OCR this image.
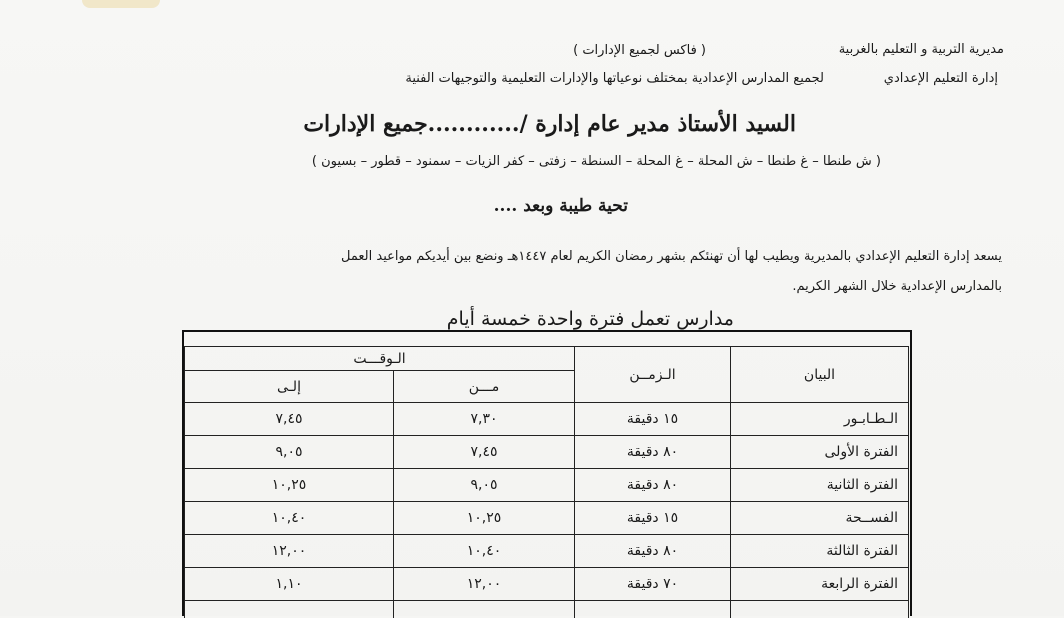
مديرية التربية و التعليم بالغربية
( فاكس لجميع الإدارات )
إدارة التعليم الإعدادي
لجميع المدارس الإعدادية بمختلف نوعياتها والإدارات التعليمية والتوجيهات الفنية
السيد الأستاذ مدير عام إدارة /............جميع الإدارات
( ش طنطا – غ طنطا – ش المحلة – غ المحلة – السنطة – زفتى – كفر الزيات – سمنود – قطور – بسيون )
تحية طيبة وبعد ....
يسعد إدارة التعليم الإعدادي بالمديرية ويطيب لها أن تهنئكم بشهر رمضان الكريم لعام ١٤٤٧هـ ونضع بين أيديكم مواعيد العمل
بالمدارس الإعدادية خلال الشهر الكريم.
مدارس تعمل فترة واحدة خمسة أيام
البيان
الـزمــن
الـوقـــت
مـــن
إلـى
الـطـابـور
١٥ دقيقة
٧,٣٠
٧,٤٥
الفترة الأولى
٨٠ دقيقة
٧,٤٥
٩,٠٥
الفترة الثانية
٨٠ دقيقة
٩,٠٥
١٠,٢٥
الفســحة
١٥ دقيقة
١٠,٢٥
١٠,٤٠
الفترة الثالثة
٨٠ دقيقة
١٠,٤٠
١٢,٠٠
الفترة الرابعة
٧٠ دقيقة
١٢,٠٠
١,١٠
